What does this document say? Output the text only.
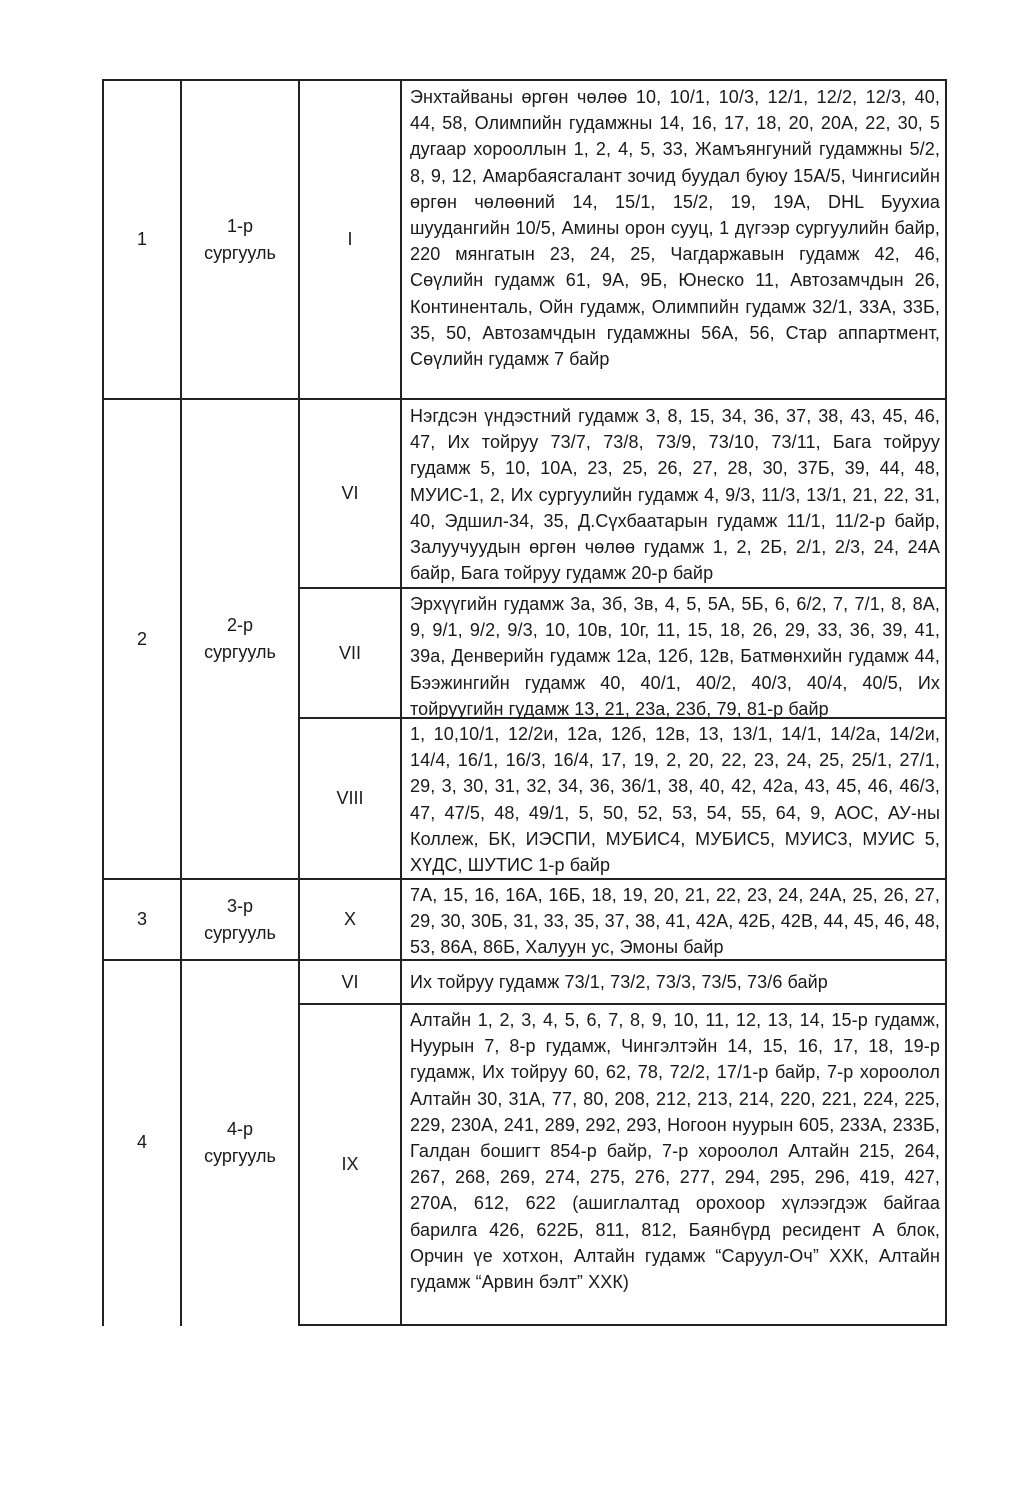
1
1-р
сургууль
I
Энхтайваны өргөн чөлөө 10, 10/1, 10/3, 12/1, 12/2, 12/3, 40, 44, 58, Олимпийн гудамжны 14, 16, 17, 18, 20, 20А, 22, 30, 5 дугаар хорооллын 1, 2, 4, 5, 33, Жамъянгуний гудамжны 5/2, 8, 9, 12, Амарбаясгалант зочид буудал буюу 15А/5, Чингисийн өргөн чөлөөний 14, 15/1, 15/2, 19, 19А, DHL Буухиа шуудангийн 10/5, Амины орон сууц, 1 дүгээр сургуулийн байр, 220 мянгатын 23, 24, 25, Чагдаржавын гудамж 42, 46, Сөүлийн гудамж 61, 9А, 9Б, Юнеско 11, Автозамчдын 26, Континенталь, Ойн гудамж, Олимпийн гудамж 32/1, 33А, 33Б, 35, 50, Автозамчдын гудамжны 56А, 56, Стар аппартмент, Сөүлийн гудамж 7 байр
2
2-р
сургууль
VI
Нэгдсэн үндэстний гудамж 3, 8, 15, 34, 36, 37, 38, 43, 45, 46, 47, Их тойруу 73/7, 73/8, 73/9, 73/10, 73/11, Бага тойруу гудамж 5, 10, 10А, 23, 25, 26, 27, 28, 30, 37Б, 39, 44, 48, МУИС-1, 2, Их сургуулийн гудамж 4, 9/3, 11/3, 13/1, 21, 22, 31, 40, Эдшил-34, 35, Д.Сүхбаатарын гудамж 11/1, 11/2-р байр, Залуучуудын өргөн чөлөө гудамж 1, 2, 2Б, 2/1, 2/3, 24, 24А байр, Бага тойруу гудамж 20-р байр
VII
Эрхүүгийн гудамж 3а, 3б, 3в, 4, 5, 5А, 5Б, 6, 6/2, 7, 7/1, 8, 8А, 9, 9/1, 9/2, 9/3, 10, 10в, 10г, 11, 15, 18, 26, 29, 33, 36, 39, 41, 39а, Денверийн гудамж 12а, 12б, 12в, Батмөнхийн гудамж 44, Бээжингийн гудамж 40, 40/1, 40/2, 40/3, 40/4, 40/5, Их тойруугийн гудамж 13, 21, 23а, 23б, 79, 81-р байр
VIII
1, 10,10/1, 12/2и, 12а, 12б, 12в, 13, 13/1, 14/1, 14/2а, 14/2и, 14/4, 16/1, 16/3, 16/4, 17, 19, 2, 20, 22, 23, 24, 25, 25/1, 27/1, 29, 3, 30, 31, 32, 34, 36, 36/1, 38, 40, 42, 42а, 43, 45, 46, 46/3, 47, 47/5, 48, 49/1, 5, 50, 52, 53, 54, 55, 64, 9, АОС, АУ-ны Коллеж, БК, ИЭСПИ, МУБИС4, МУБИС5, МУИС3, МУИС 5, ХҮДС, ШУТИС 1-р байр
3
3-р
сургууль
X
7А, 15, 16, 16А, 16Б, 18, 19, 20, 21, 22, 23, 24, 24А, 25, 26, 27, 29, 30, 30Б, 31, 33, 35, 37, 38, 41, 42А, 42Б, 42В, 44, 45, 46, 48, 53, 86А, 86Б, Халуун ус, Эмоны байр
4
4-р
сургууль
VI	Их тойруу гудамж 73/1, 73/2, 73/3, 73/5, 73/6 байр
IX
Алтайн 1, 2, 3, 4, 5, 6, 7, 8, 9, 10, 11, 12, 13, 14, 15-р гудамж, Нуурын 7, 8-р гудамж, Чингэлтэйн 14, 15, 16, 17, 18, 19-р гудамж, Их тойруу 60, 62, 78, 72/2, 17/1-р байр, 7-р хороолол Алтайн 30, 31А, 77, 80, 208, 212, 213, 214, 220, 221, 224, 225, 229, 230А, 241, 289, 292, 293, Ногоон нуурын 605, 233А, 233Б, Галдан бошигт 854-р байр, 7-р хороолол Алтайн 215, 264, 267, 268, 269, 274, 275, 276, 277, 294, 295, 296, 419, 427, 270А, 612, 622 (ашиглалтад орохоор хүлээгдэж байгаа барилга 426, 622Б, 811, 812, Баянбүрд ресидент А блок, Орчин үе хотхон, Алтайн гудамж “Саруул-Оч” ХХК, Алтайн гудамж “Арвин бэлт” ХХК)
